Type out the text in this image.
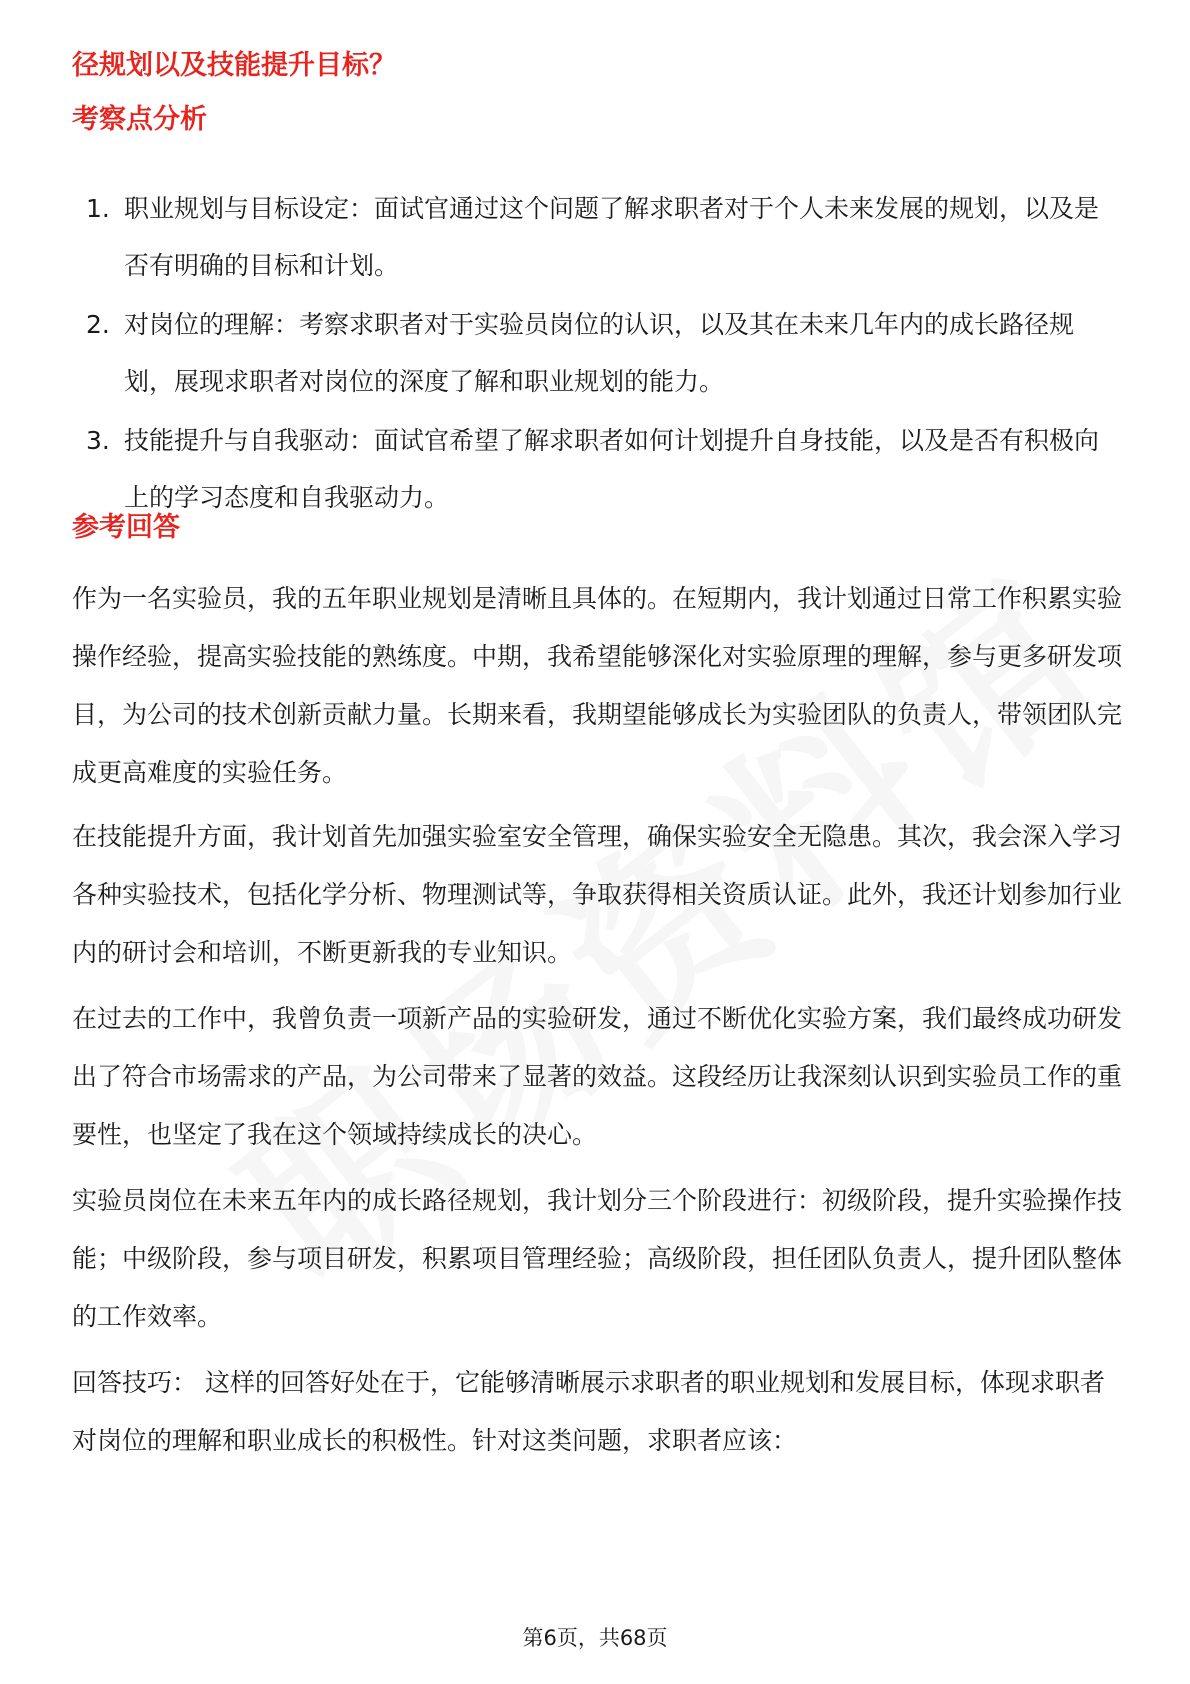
径规划以及技能提升目标？
考察点分析
1. 职业规划与目标设定：面试官通过这个问题了解求职者对于个人未来发展的规划，以及是否有明确的目标和计划。
2. 对岗位的理解：考察求职者对于实验员岗位的认识，以及其在未来几年内的成长路径规划，展现求职者对岗位的深度了解和职业规划的能力。
3. 技能提升与自我驱动：面试官希望了解求职者如何计划提升自身技能，以及是否有积极向上的学习态度和自我驱动力。
参考回答

作为一名实验员，我的五年职业规划是清晰且具体的。在短期内，我计划通过日常工作积累实验操作经验，提高实验技能的熟练度。中期，我希望能够深化对实验原理的理解，参与更多研发项目，为公司的技术创新贡献力量。长期来看，我期望能够成长为实验团队的负责人，带领团队完成更高难度的实验任务。

在技能提升方面，我计划首先加强实验室安全管理，确保实验安全无隐患。其次，我会深入学习各种实验技术，包括化学分析、物理测试等，争取获得相关资质认证。此外，我还计划参加行业内的研讨会和培训，不断更新我的专业知识。

在过去的工作中，我曾负责一项新产品的实验研发，通过不断优化实验方案，我们最终成功研发出了符合市场需求的产品，为公司带来了显著的效益。这段经历让我深刻认识到实验员工作的重要性，也坚定了我在这个领域持续成长的决心。

实验员岗位在未来五年内的成长路径规划，我计划分三个阶段进行：初级阶段，提升实验操作技能；中级阶段，参与项目研发，积累项目管理经验；高级阶段，担任团队负责人，提升团队整体的工作效率。

回答技巧： 这样的回答好处在于，它能够清晰展示求职者的职业规划和发展目标，体现求职者对岗位的理解和职业成长的积极性。针对这类问题，求职者应该：

第6页，共68页
